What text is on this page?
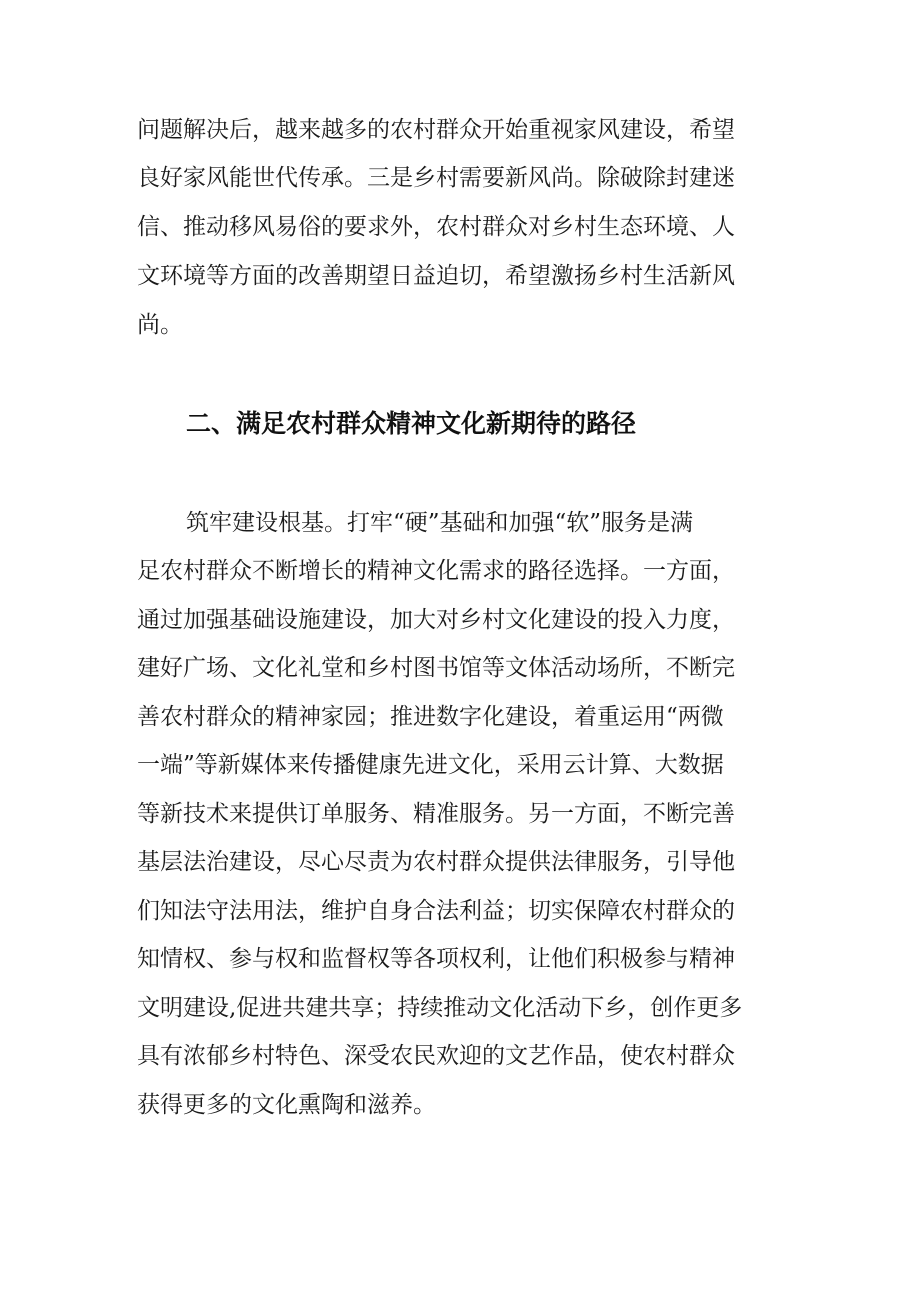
问题解决后，越来越多的农村群众开始重视家风建设，希望
良好家风能世代传承。三是乡村需要新风尚。除破除封建迷
信、推动移风易俗的要求外，农村群众对乡村生态环境、人
文环境等方面的改善期望日益迫切，希望激扬乡村生活新风
尚。
二、满足农村群众精神文化新期待的路径
筑牢建设根基。打牢“硬”基础和加强“软”服务是满
足农村群众不断增长的精神文化需求的路径选择。一方面，
通过加强基础设施建设，加大对乡村文化建设的投入力度，
建好广场、文化礼堂和乡村图书馆等文体活动场所，不断完
善农村群众的精神家园；推进数字化建设，着重运用“两微
一端”等新媒体来传播健康先进文化，采用云计算、大数据
等新技术来提供订单服务、精准服务。另一方面，不断完善
基层法治建设，尽心尽责为农村群众提供法律服务，引导他
们知法守法用法，维护自身合法利益；切实保障农村群众的
知情权、参与权和监督权等各项权利，让他们积极参与精神
文明建设,促进共建共享；持续推动文化活动下乡，创作更多
具有浓郁乡村特色、深受农民欢迎的文艺作品，使农村群众
获得更多的文化熏陶和滋养。
